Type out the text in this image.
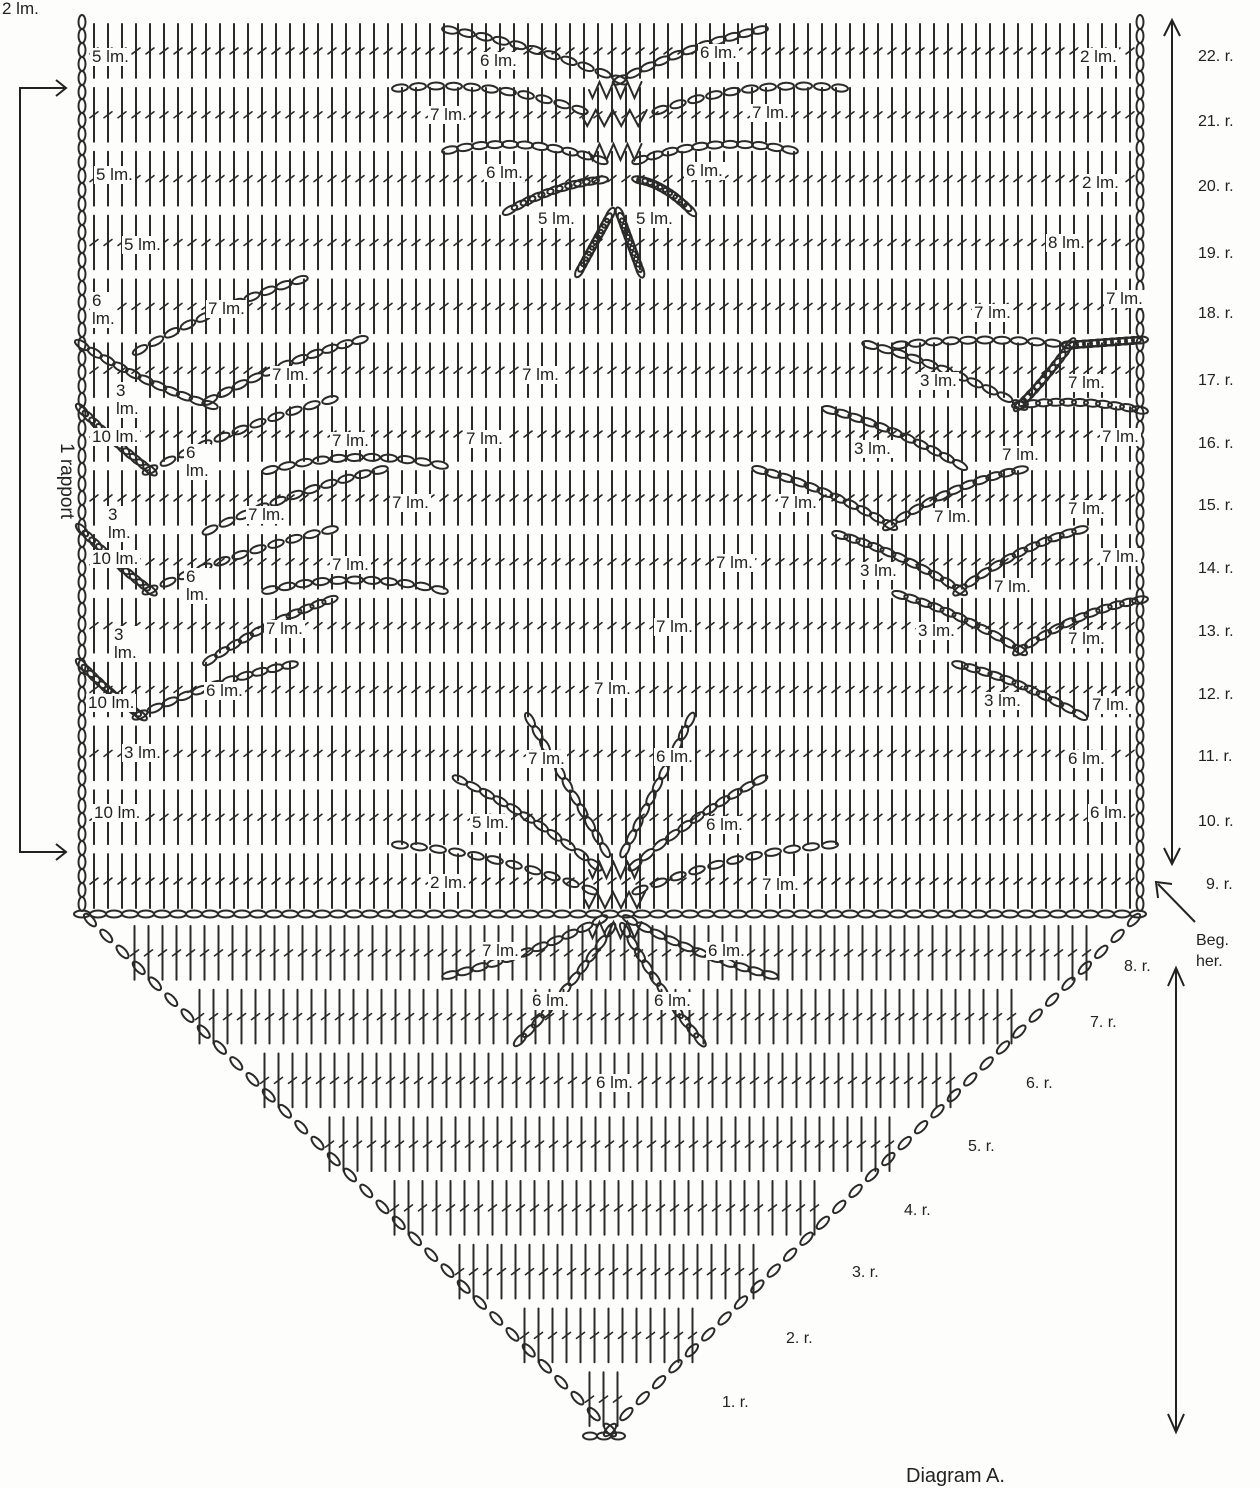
22. r.
21. r.
20. r.
19. r.
18. r.
17. r.
16. r.
15. r.
14. r.
13. r.
12. r.
11. r.
10. r.
9. r.
8. r.
7. r.
6. r.
5. r.
4. r.
3. r.
2. r.
1. r.
5 lm.	6 lm.	6 lm.	2 lm.
7 lm.	7 lm.
5 lm.	6 lm.	6 lm.
2 lm.
5 lm.
5 lm.	5 lm.
8 lm.
6
lm.
7 lm.	7 lm.
7 lm.
3
lm.
7 lm.	7 lm.	3 lm.	7 lm.
10 lm.
6
lm.
7 lm.	7 lm.
3 lm.	7 lm.
7 lm.
3
lm.
7 lm.
7 lm.	7 lm.
7 lm.	7 lm.
10 lm.
6
lm.
7 lm.	7 lm.	3 lm.
7 lm.
7 lm.
3
lm.
7 lm.	7 lm.	3 lm.	7 lm.
10 lm.
6 lm.	7 lm.
3 lm.	7 lm.
3 lm.	7 lm.	6 lm.	6 lm.
10 lm.
5 lm.	6 lm.
6 lm.
2 lm.	7 lm.
7 lm.	6 lm.
6 lm.	6 lm.
6 lm.
2 lm.
1 rapport
Beg.
her.
Diagram A.
